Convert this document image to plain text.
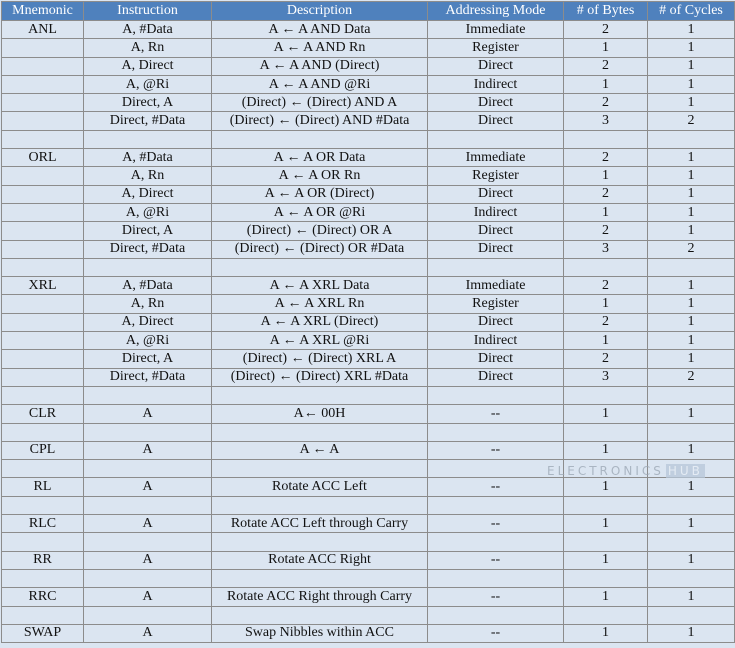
Mnemonic	Instruction	Description	Addressing Mode	# of Bytes	# of Cycles
ANL	A, #Data	A ← A AND Data	Immediate	2	1
	A, Rn	A ← A AND Rn	Register	1	1
	A, Direct	A ← A AND (Direct)	Direct	2	1
	A, @Ri	A ← A AND @Ri	Indirect	1	1
	Direct, A	(Direct) ← (Direct) AND A	Direct	2	1
	Direct, #Data	(Direct) ← (Direct) AND #Data	Direct	3	2

ORL	A, #Data	A ← A OR Data	Immediate	2	1
	A, Rn	A ← A OR Rn	Register	1	1
	A, Direct	A ← A OR (Direct)	Direct	2	1
	A, @Ri	A ← A OR @Ri	Indirect	1	1
	Direct, A	(Direct) ← (Direct) OR A	Direct	2	1
	Direct, #Data	(Direct) ← (Direct) OR #Data	Direct	3	2

XRL	A, #Data	A ← A XRL Data	Immediate	2	1
	A, Rn	A ← A XRL Rn	Register	1	1
	A, Direct	A ← A XRL (Direct)	Direct	2	1
	A, @Ri	A ← A XRL @Ri	Indirect	1	1
	Direct, A	(Direct) ← (Direct) XRL A	Direct	2	1
	Direct, #Data	(Direct) ← (Direct) XRL #Data	Direct	3	2

CLR	A	A← 00H	--	1	1

CPL	A	A ← A	--	1	1

RL	A	Rotate ACC Left	--	1	1

RLC	A	Rotate ACC Left through Carry	--	1	1

RR	A	Rotate ACC Right	--	1	1

RRC	A	Rotate ACC Right through Carry	--	1	1

SWAP	A	Swap Nibbles within ACC	--	1	1
ELECTRONICS HUB
